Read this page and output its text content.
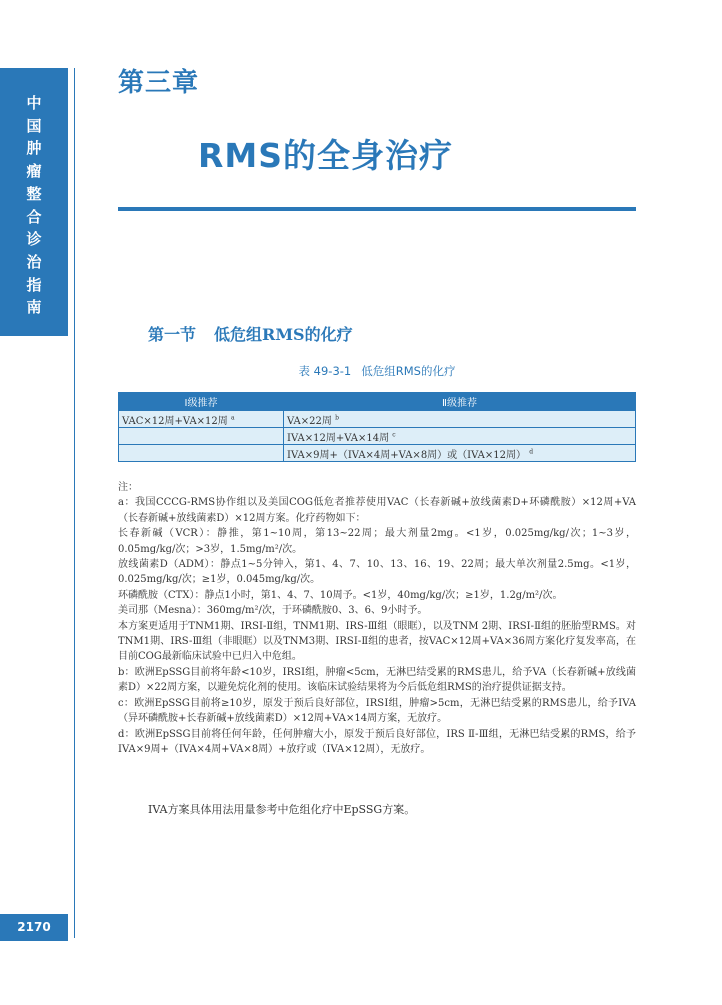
中
国
肿
瘤
整
合
诊
治
指
南
2170
第三章
RMS的全身治疗
第一节 低危组RMS的化疗
表 49-3-1 低危组RMS的化疗
Ⅰ级推荐	Ⅱ级推荐
VAC×12周+VA×12周 $^a$	VA×22周 $^b$
	IVA×12周+VA×14周 $^c$
	IVA×9周+（IVA×4周+VA×8周）或（IVA×12周） $^d$

注：

a：我国CCCG-RMS协作组以及美国COG低危者推荐使用VAC（长春新碱+放线菌素D+环磷酰胺）×12周+VA（长春新碱+放线菌素D）×12周方案。化疗药物如下：

长春新碱（VCR）：静推，第1~10周，第13~22周；最大剂量2mg。<1岁，0.025mg/kg/次；1~3岁，0.05mg/kg/次；>3岁，1.5mg/m²/次。

放线菌素D（ADM）：静点1~5分钟入，第1、4、7、10、13、16、19、22周；最大单次剂量2.5mg。<1岁，0.025mg/kg/次；≥1岁，0.045mg/kg/次。

环磷酰胺（CTX）：静点1小时，第1、4、7、10周予。<1岁，40mg/kg/次；≥1岁，1.2g/m²/次。

美司那（Mesna）：360mg/m²/次，于环磷酰胺0、3、6、9小时予。

本方案更适用于TNM1期、IRSⅠ-Ⅱ组，TNM1期、IRS-Ⅲ组（眼眶），以及TNM 2期、IRSⅠ-Ⅱ组的胚胎型RMS。对TNM1期、IRS-Ⅲ组（非眼眶）以及TNM3期、IRSⅠ-Ⅱ组的患者，按VAC×12周+VA×36周方案化疗复发率高，在目前COG最新临床试验中已归入中危组。

b：欧洲EpSSG目前将年龄<10岁，IRSⅠ组，肿瘤<5cm，无淋巴结受累的RMS患儿，给予VA（长春新碱+放线菌素D）×22周方案，以避免烷化剂的使用。该临床试验结果将为今后低危组RMS的治疗提供证据支持。

c：欧洲EpSSG目前将≥10岁，原发于预后良好部位，IRSⅠ组，肿瘤>5cm，无淋巴结受累的RMS患儿，给予IVA（异环磷酰胺+长春新碱+放线菌素D）×12周+VA×14周方案，无放疗。

d：欧洲EpSSG目前将任何年龄，任何肿瘤大小，原发于预后良好部位，IRS Ⅱ-Ⅲ组，无淋巴结受累的RMS，给予IVA×9周+（IVA×4周+VA×8周）+放疗或（IVA×12周），无放疗。

IVA方案具体用法用量参考中危组化疗中EpSSG方案。
